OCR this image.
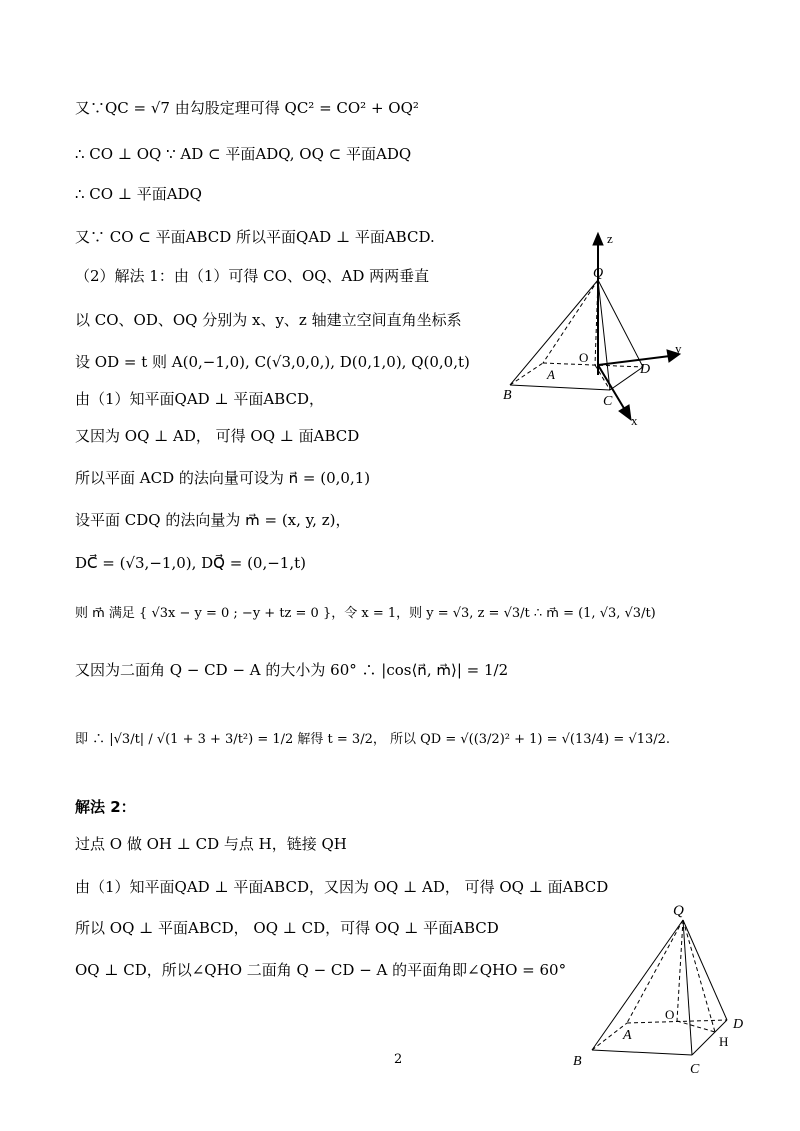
又∵QC = √7 由勾股定理可得 QC² = CO² + OQ²
∴ CO ⊥ OQ ∵ AD ⊂ 平面ADQ, OQ ⊂ 平面ADQ
∴ CO ⊥ 平面ADQ
又∵ CO ⊂ 平面ABCD 所以平面QAD ⊥ 平面ABCD.
（2）解法 1：由（1）可得 CO、OQ、AD 两两垂直
以 CO、OD、OQ 分别为 x、y、z 轴建立空间直角坐标系
设 OD = t 则 A(0,−1,0), C(√3,0,0,), D(0,1,0), Q(0,0,t)
由（1）知平面QAD ⊥ 平面ABCD，
又因为 OQ ⊥ AD， 可得 OQ ⊥ 面ABCD
所以平面 ACD 的法向量可设为 n⃗ = (0,0,1)
设平面 CDQ 的法向量为 m⃗ = (x, y, z)，
DC⃗ = (√3,−1,0), DQ⃗ = (0,−1,t)
则 m⃗ 满足 { √3x − y = 0 ; −y + tz = 0 }，令 x = 1，则 y = √3, z = √3/t ∴ m⃗ = (1, √3, √3/t)
又因为二面角 Q − CD − A 的大小为 60° ∴ |cos⟨n⃗, m⃗⟩| = 1/2
即 ∴ |√3/t| / √(1 + 3 + 3/t²) = 1/2 解得 t = 3/2， 所以 QD = √((3/2)² + 1) = √(13/4) = √13/2.
解法 2：
过点 O 做 OH ⊥ CD 与点 H，链接 QH
由（1）知平面QAD ⊥ 平面ABCD，又因为 OQ ⊥ AD， 可得 OQ ⊥ 面ABCD
所以 OQ ⊥ 平面ABCD， OQ ⊥ CD，可得 OQ ⊥ 平面ABCD
OQ ⊥ CD，所以∠QHO 二面角 Q − CD − A 的平面角即∠QHO = 60°
z
y
x
Q
O
A	D
B	C
Q
O
A
D
H
B
C
2
